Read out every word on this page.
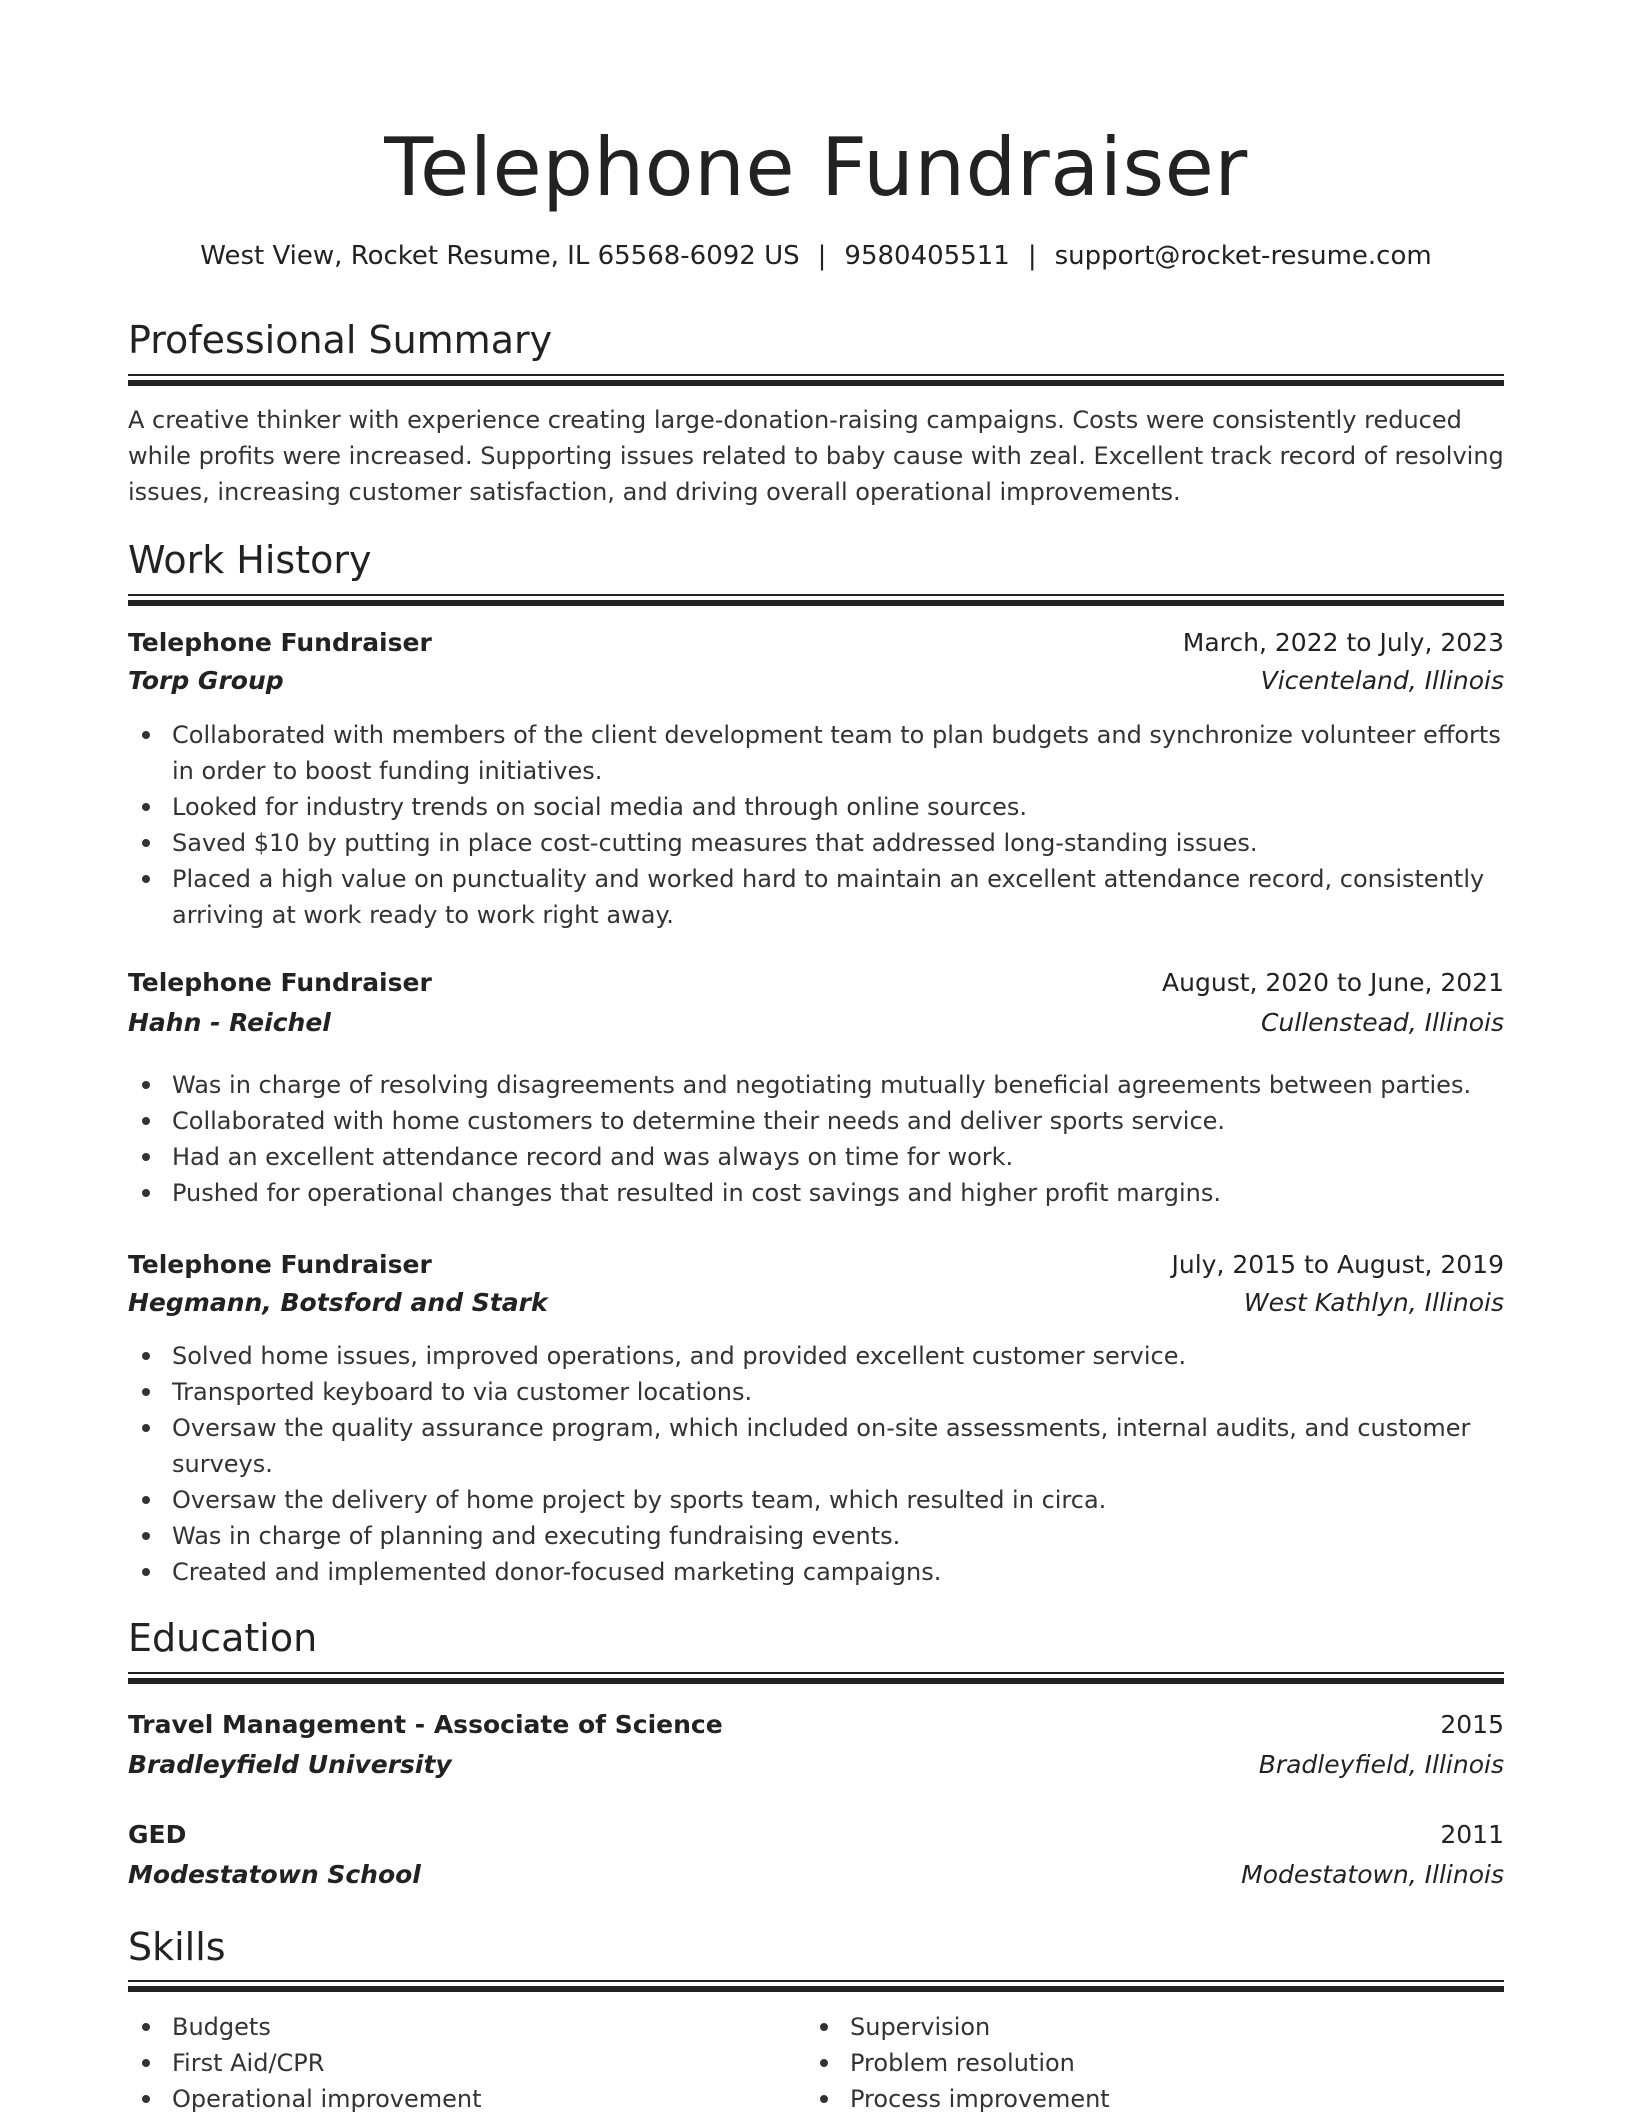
Telephone Fundraiser
West View, Rocket Resume, IL 65568-6092 US | 9580405511 | support@rocket-resume.com
Professional Summary
A creative thinker with experience creating large-donation-raising campaigns. Costs were consistently reduced while profits were increased. Supporting issues related to baby cause with zeal. Excellent track record of resolving issues, increasing customer satisfaction, and driving overall operational improvements.
Work History
Telephone Fundraiser	March, 2022 to July, 2023
Torp Group	Vicenteland, Illinois
Collaborated with members of the client development team to plan budgets and synchronize volunteer efforts in order to boost funding initiatives.
Looked for industry trends on social media and through online sources.
Saved $10 by putting in place cost-cutting measures that addressed long-standing issues.
Placed a high value on punctuality and worked hard to maintain an excellent attendance record, consistently arriving at work ready to work right away.
Telephone Fundraiser	August, 2020 to June, 2021
Hahn - Reichel	Cullenstead, Illinois
Was in charge of resolving disagreements and negotiating mutually beneficial agreements between parties.
Collaborated with home customers to determine their needs and deliver sports service.
Had an excellent attendance record and was always on time for work.
Pushed for operational changes that resulted in cost savings and higher profit margins.
Telephone Fundraiser	July, 2015 to August, 2019
Hegmann, Botsford and Stark	West Kathlyn, Illinois
Solved home issues, improved operations, and provided excellent customer service.
Transported keyboard to via customer locations.
Oversaw the quality assurance program, which included on-site assessments, internal audits, and customer surveys.
Oversaw the delivery of home project by sports team, which resulted in circa.
Was in charge of planning and executing fundraising events.
Created and implemented donor-focused marketing campaigns.
Education
Travel Management - Associate of Science	2015
Bradleyfield University	Bradleyfield, Illinois
GED	2011
Modestatown School	Modestatown, Illinois
Skills
Budgets
First Aid/CPR
Operational improvement
Supervision
Problem resolution
Process improvement
